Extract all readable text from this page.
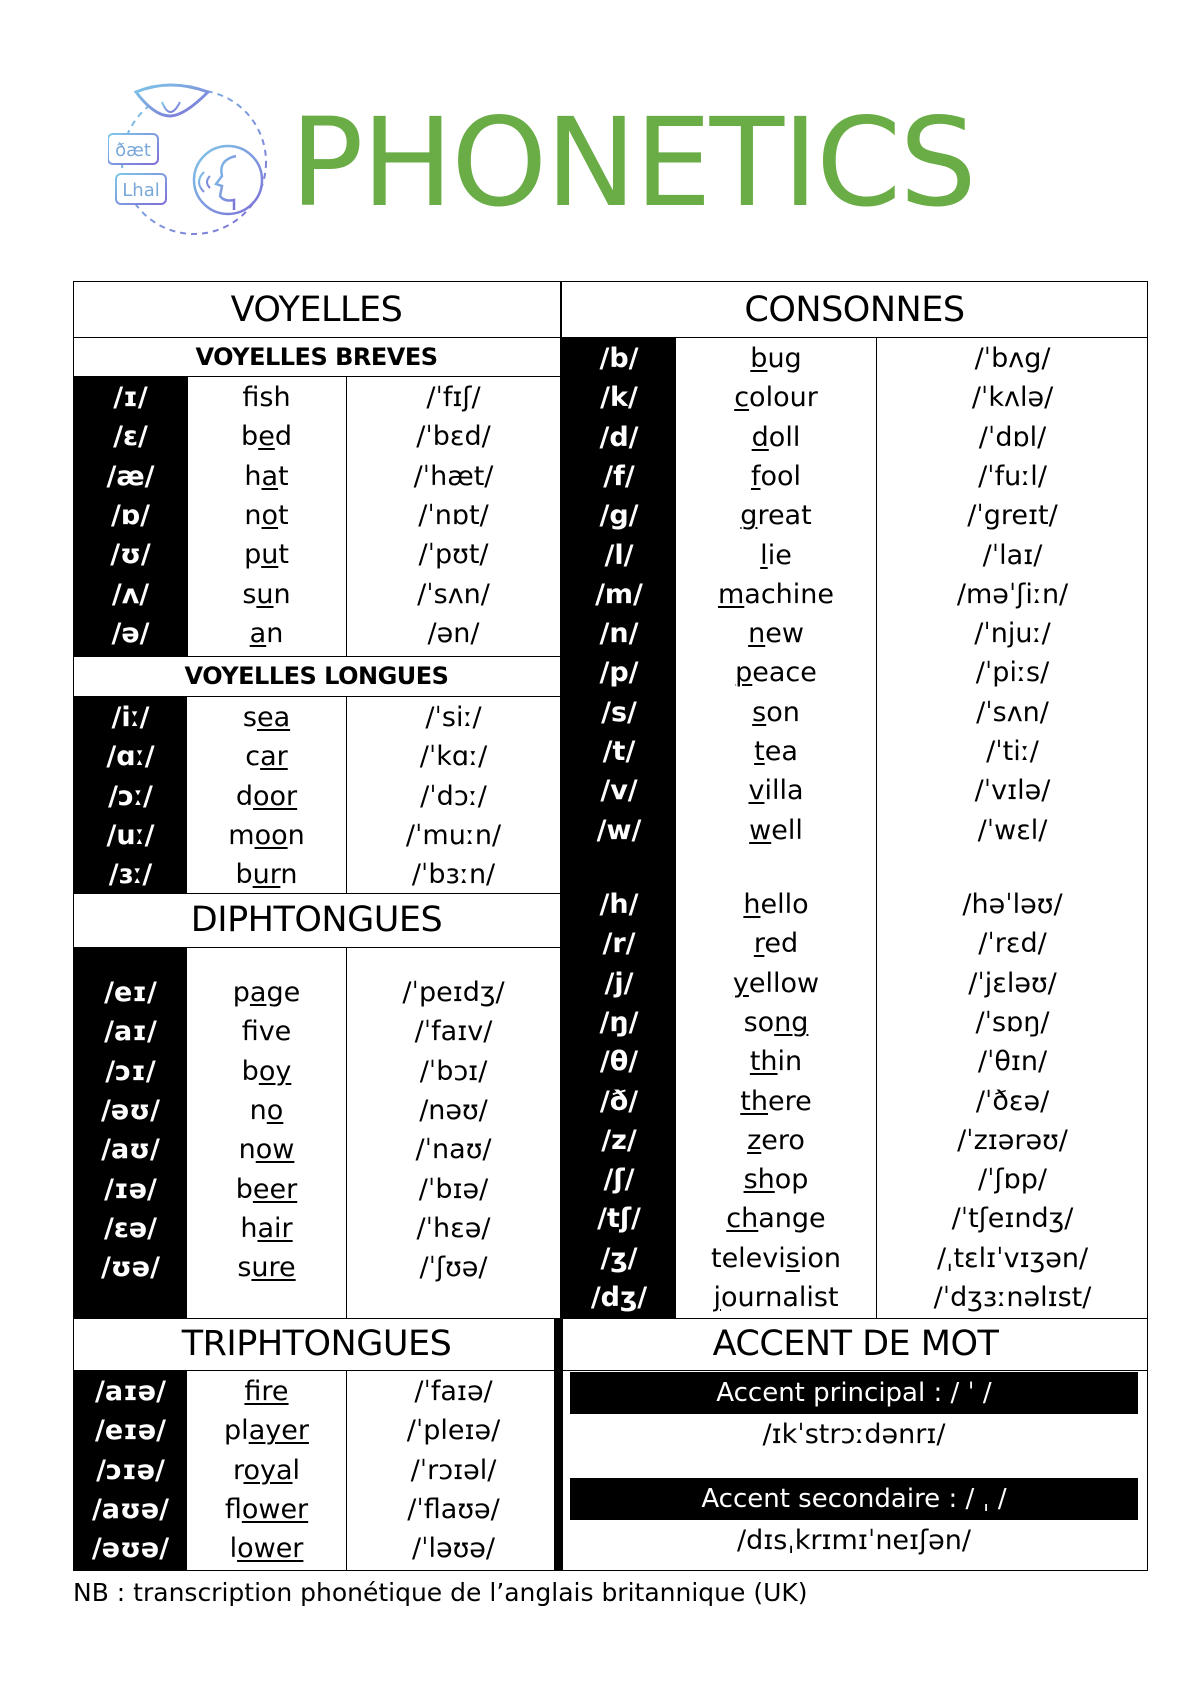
ðæt
Lhal PHONETICS
VOYELLES	CONSONNES
VOYELLES BREVES
VOYELLES LONGUES
DIPHTONGUES
TRIPHTONGUES	ACCENT DE MOT
/ɪ/	fsh	/ˈfɪʃ/
/ɛ/	bed	/ˈbɛd/
/æ/	hat	/ˈhæt/
/ɒ/	not	/ˈnɒt/
/ʊ/	put	/ˈpʊt/
/ʌ/	sun	/ˈsʌn/
/ə/	an	/ən/
/iː/	sea	/ˈsiː/
/ɑː/	car	/ˈkɑː/
/ɔː/	door	/ˈdɔː/
/uː/	moon	/ˈmuːn/
/ɜː/	burn	/ˈbɜːn/
/eɪ/	page	/ˈpeɪdʒ/
/aɪ/	fve	/ˈfaɪv/
/ɔɪ/	boy	/ˈbɔɪ/
/əʊ/	no	/nəʊ/
/aʊ/	now	/ˈnaʊ/
/ɪə/	beer	/ˈbɪə/
/ɛə/	hair	/ˈhɛə/
/ʊə/	sure	/ˈʃʊə/
/aɪə/	fire	/ˈfaɪə/
/eɪə/	player	/ˈpleɪə/
/ɔɪə/	royal	/ˈrɔɪəl/
/aʊə/	flower	/ˈflaʊə/
/əʊə/	lower	/ˈləʊə/
/b/	bug	/ˈbʌg/
/k/	colour	/ˈkʌlə/
/d/	doll	/ˈdɒl/
/f/	fool	/ˈfuːl/
/g/	great	/ˈgreɪt/
/l/	lie	/ˈlaɪ/
/m/	machine	/məˈʃiːn/
/n/	new	/ˈnjuː/
/p/	peace	/ˈpiːs/
/s/	son	/ˈsʌn/
/t/	tea	/ˈtiː/
/v/	villa	/ˈvɪlə/
/w/	well	/ˈwɛl/
/h/	hello	/həˈləʊ/
/r/	red	/ˈrɛd/
/j/	yellow	/ˈjɛləʊ/
/ŋ/	song	/ˈsɒŋ/
/θ/	thin	/ˈθɪn/
/ð/	there	/ˈðɛə/
/z/	zero	/ˈzɪərəʊ/
/ʃ/	shop	/ˈʃɒp/
/tʃ/	change	/ˈtʃeɪndʒ/
/ʒ/	television	/ˌtɛlɪˈvɪʒən/
/dʒ/	journalist	/ˈdʒɜːnəlɪst/
Accent principal : / ˈ /
/ɪkˈstrɔːdənrɪ/
Accent secondaire : / ˌ /
/dɪsˌkrɪmɪˈneɪʃən/
NB : transcription phonétique de l’anglais britannique (UK)
